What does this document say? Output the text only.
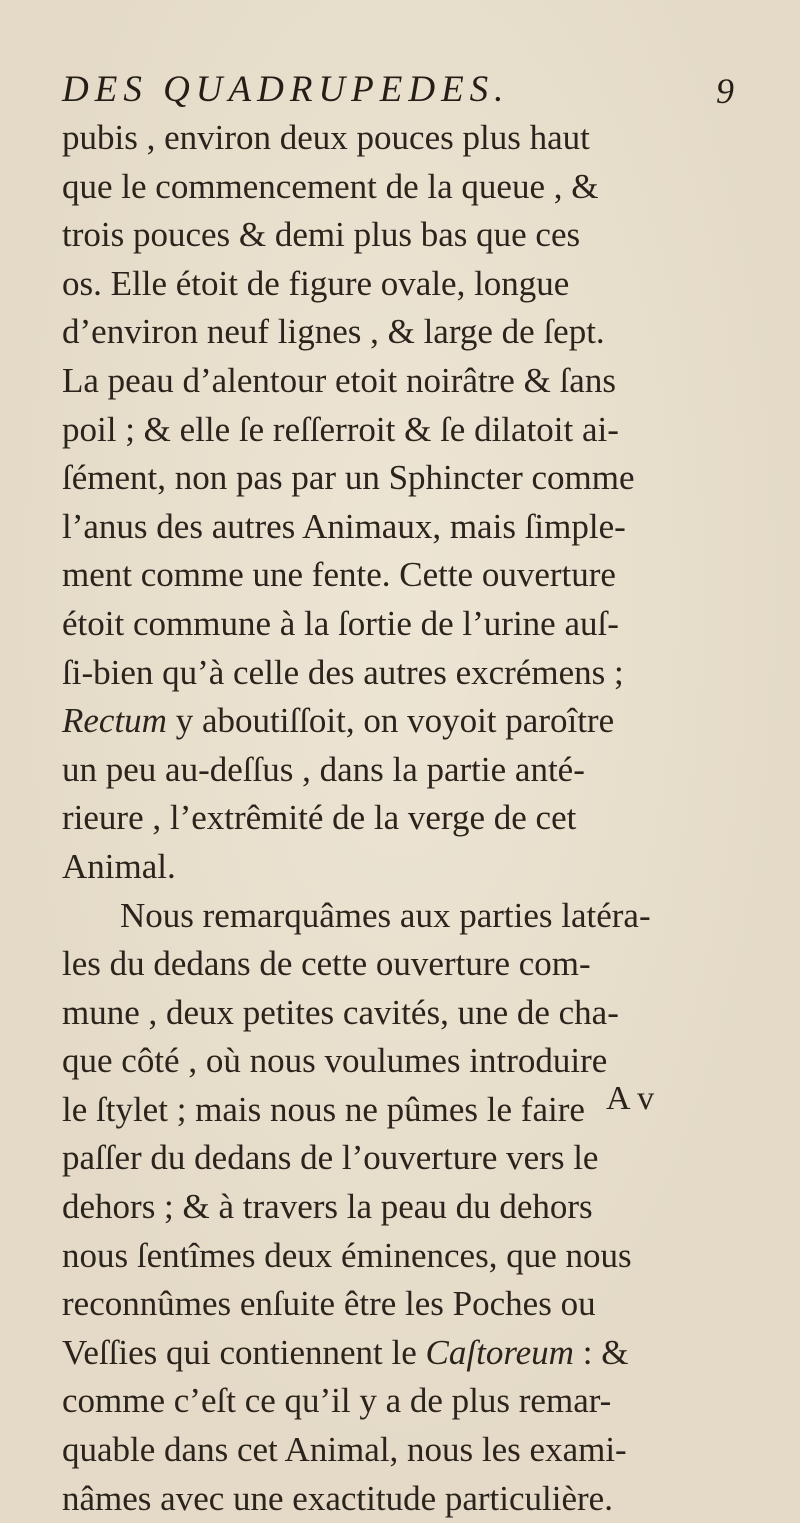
DES QUADRUPEDES.	9
pubis , environ deux pouces plus haut
que le commencement de la queue , &
trois pouces & demi plus bas que ces
os. Elle étoit de figure ovale, longue
d’environ neuf lignes , & large de ſept.
La peau d’alentour etoit noirâtre & ſans
poil ; & elle ſe reſſerroit & ſe dilatoit ai-
ſément, non pas par un Sphincter comme
l’anus des autres Animaux, mais ſimple-
ment comme une fente. Cette ouverture
étoit commune à la ſortie de l’urine auſ-
ſi-bien qu’à celle des autres excrémens ;
Rectum y aboutiſſoit, on voyoit paroître
un peu au-deſſus , dans la partie anté-
rieure , l’extrêmité de la verge de cet
Animal.
Nous remarquâmes aux parties latéra-
les du dedans de cette ouverture com-
mune , deux petites cavités, une de cha-
que côté , où nous voulumes introduire
le ſtylet ; mais nous ne pûmes le faire
paſſer du dedans de l’ouverture vers le
dehors ; & à travers la peau du dehors
nous ſentîmes deux éminences, que nous
reconnûmes enſuite être les Poches ou
Veſſies qui contiennent le Caſtoreum : &
comme c’eſt ce qu’il y a de plus remar-
quable dans cet Animal, nous les exami-
nâmes avec une exactitude particulière.
A v
